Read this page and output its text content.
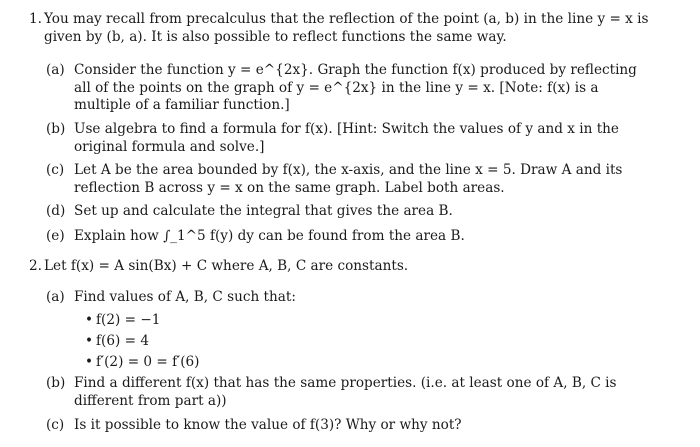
1. You may recall from precalculus that the reflection of the point (a, b) in the line y = x is given by (b, a). It is also possible to reflect functions the same way.
(a) Consider the function y = e^{2x}. Graph the function f(x) produced by reflecting all of the points on the graph of y = e^{2x} in the line y = x. [Note: f(x) is a multiple of a familiar function.]
(b) Use algebra to find a formula for f(x). [Hint: Switch the values of y and x in the original formula and solve.]
(c) Let A be the area bounded by f(x), the x-axis, and the line x = 5. Draw A and its reflection B across y = x on the same graph. Label both areas.
(d) Set up and calculate the integral that gives the area B.
(e) Explain how ∫_1^5 f(y) dy can be found from the area B.
2. Let f(x) = A sin(Bx) + C where A, B, C are constants.
(a) Find values of A, B, C such that:
• f(2) = −1
• f(6) = 4
• f′(2) = 0 = f′(6)
(b) Find a different f(x) that has the same properties. (i.e. at least one of A, B, C is different from part a))
(c) Is it possible to know the value of f(3)? Why or why not?
